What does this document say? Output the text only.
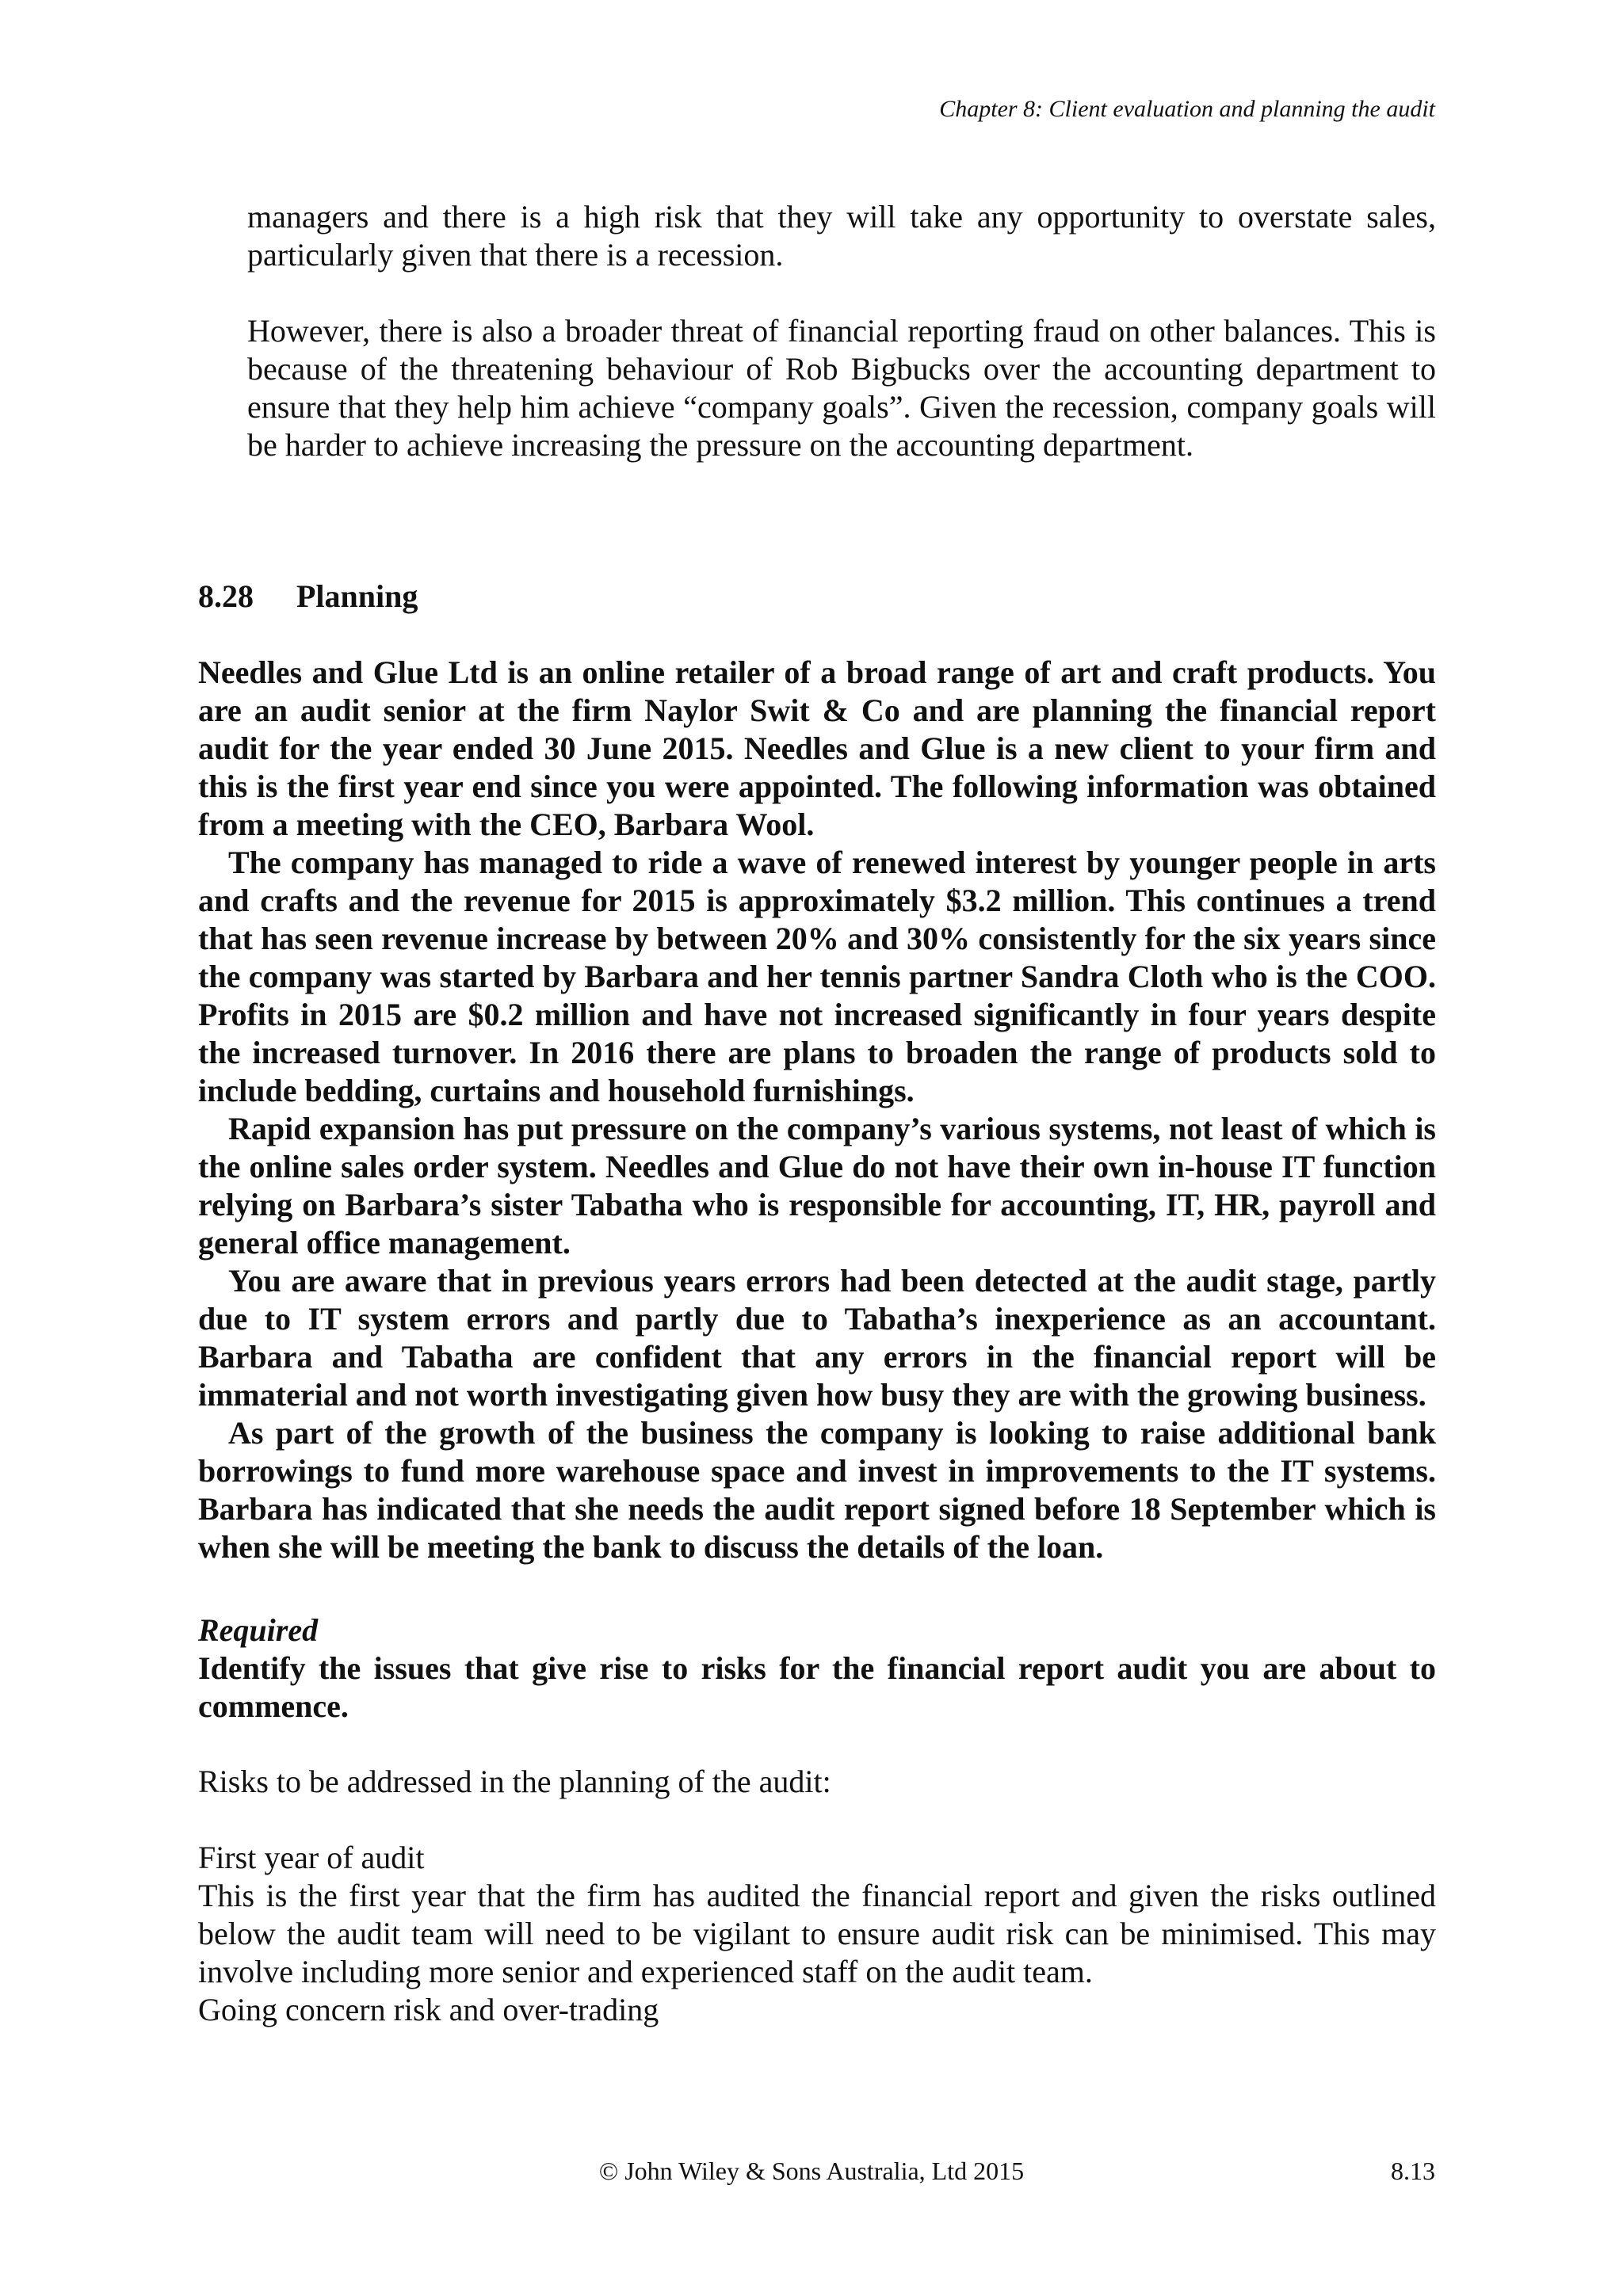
Chapter 8: Client evaluation and planning the audit
managers and there is a high risk that they will take any opportunity to overstate sales, particularly given that there is a recession.
However, there is also a broader threat of financial reporting fraud on other balances. This is because of the threatening behaviour of Rob Bigbucks over the accounting department to ensure that they help him achieve “company goals”. Given the recession, company goals will be harder to achieve increasing the pressure on the accounting department.
8.28 Planning

Needles and Glue Ltd is an online retailer of a broad range of art and craft products. You are an audit senior at the firm Naylor Swit & Co and are planning the financial report audit for the year ended 30 June 2015. Needles and Glue is a new client to your firm and this is the first year end since you were appointed. The following information was obtained from a meeting with the CEO, Barbara Wool.

The company has managed to ride a wave of renewed interest by younger people in arts and crafts and the revenue for 2015 is approximately $3.2 million. This continues a trend that has seen revenue increase by between 20% and 30% consistently for the six years since the company was started by Barbara and her tennis partner Sandra Cloth who is the COO. Profits in 2015 are $0.2 million and have not increased significantly in four years despite the increased turnover. In 2016 there are plans to broaden the range of products sold to include bedding, curtains and household furnishings.

Rapid expansion has put pressure on the company’s various systems, not least of which is the online sales order system. Needles and Glue do not have their own in-house IT function relying on Barbara’s sister Tabatha who is responsible for accounting, IT, HR, payroll and general office management.

You are aware that in previous years errors had been detected at the audit stage, partly due to IT system errors and partly due to Tabatha’s inexperience as an accountant. Barbara and Tabatha are confident that any errors in the financial report will be immaterial and not worth investigating given how busy they are with the growing business.

As part of the growth of the business the company is looking to raise additional bank borrowings to fund more warehouse space and invest in improvements to the IT systems. Barbara has indicated that she needs the audit report signed before 18 September which is when she will be meeting the bank to discuss the details of the loan.

Required
Identify the issues that give rise to risks for the financial report audit you are about to commence.
Risks to be addressed in the planning of the audit:
First year of audit
This is the first year that the firm has audited the financial report and given the risks outlined below the audit team will need to be vigilant to ensure audit risk can be minimised. This may involve including more senior and experienced staff on the audit team.
Going concern risk and over-trading
© John Wiley & Sons Australia, Ltd 2015	8.13
